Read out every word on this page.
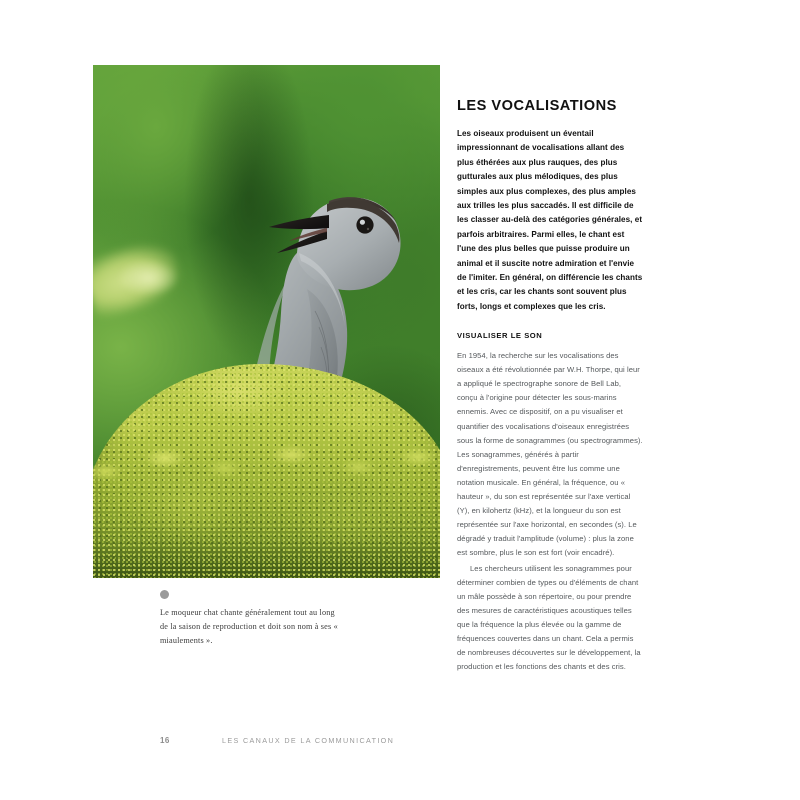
Le moqueur chat chante généralement tout au long de la saison de reproduction et doit son nom à ses « miaulements ».
LES VOCALISATIONS
Les oiseaux produisent un éventail impressionnant de vocalisations allant des plus éthérées aux plus rauques, des plus gutturales aux plus mélodiques, des plus simples aux plus complexes, des plus amples aux trilles les plus saccadés. Il est difficile de les classer au-delà des catégories générales, et parfois arbitraires. Parmi elles, le chant est l'une des plus belles que puisse produire un animal et il suscite notre admiration et l'envie de l'imiter. En général, on différencie les chants et les cris, car les chants sont souvent plus forts, longs et complexes que les cris.
VISUALISER LE SON

En 1954, la recherche sur les vocalisations des oiseaux a été révolutionnée par W.H. Thorpe, qui leur a appliqué le spectrographe sonore de Bell Lab, conçu à l'origine pour détecter les sous-marins ennemis. Avec ce dispositif, on a pu visualiser et quantifier des vocalisations d'oiseaux enregistrées sous la forme de sonagrammes (ou spectrogrammes). Les sonagrammes, générés à partir d'enregistrements, peuvent être lus comme une notation musicale. En général, la fréquence, ou « hauteur », du son est représentée sur l'axe vertical (Y), en kilohertz (kHz), et la longueur du son est représentée sur l'axe horizontal, en secondes (s). Le dégradé y traduit l'amplitude (volume) : plus la zone est sombre, plus le son est fort (voir encadré).

Les chercheurs utilisent les sonagrammes pour déterminer combien de types ou d'éléments de chant un mâle possède à son répertoire, ou pour prendre des mesures de caractéristiques acoustiques telles que la fréquence la plus élevée ou la gamme de fréquences couvertes dans un chant. Cela a permis de nombreuses découvertes sur le développement, la production et les fonctions des chants et des cris.

16	LES CANAUX DE LA COMMUNICATION
